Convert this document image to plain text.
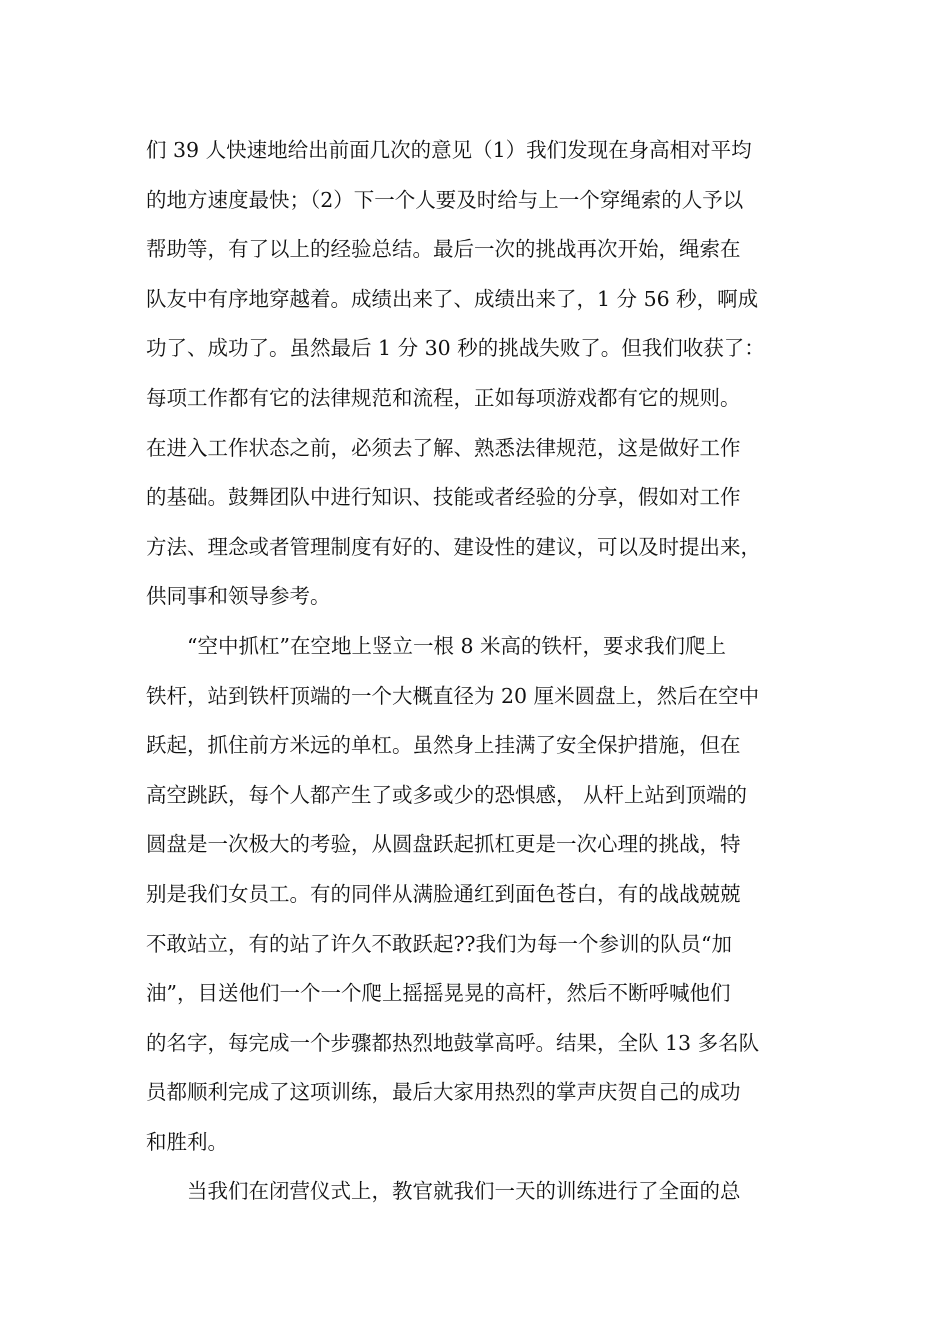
们 39 人快速地给出前面几次的意见（1）我们发现在身高相对平均
的地方速度最快；（2）下一个人要及时给与上一个穿绳索的人予以
帮助等，有了以上的经验总结。最后一次的挑战再次开始，绳索在
队友中有序地穿越着。成绩出来了、成绩出来了，1 分 56 秒，啊成
功了、成功了。虽然最后 1 分 30 秒的挑战失败了。但我们收获了：
每项工作都有它的法律规范和流程，正如每项游戏都有它的规则。
在进入工作状态之前，必须去了解、熟悉法律规范，这是做好工作
的基础。鼓舞团队中进行知识、技能或者经验的分享，假如对工作
方法、理念或者管理制度有好的、建设性的建议，可以及时提出来，
供同事和领导参考。
“空中抓杠”在空地上竖立一根 8 米高的铁杆，要求我们爬上
铁杆，站到铁杆顶端的一个大概直径为 20 厘米圆盘上，然后在空中
跃起，抓住前方米远的单杠。虽然身上挂满了安全保护措施，但在
高空跳跃，每个人都产生了或多或少的恐惧感， 从杆上站到顶端的
圆盘是一次极大的考验，从圆盘跃起抓杠更是一次心理的挑战，特
别是我们女员工。有的同伴从满脸通红到面色苍白，有的战战兢兢
不敢站立，有的站了许久不敢跃起??我们为每一个参训的队员“加
油”，目送他们一个一个爬上摇摇晃晃的高杆，然后不断呼喊他们
的名字，每完成一个步骤都热烈地鼓掌高呼。结果，全队 13 多名队
员都顺利完成了这项训练，最后大家用热烈的掌声庆贺自己的成功
和胜利。
当我们在闭营仪式上，教官就我们一天的训练进行了全面的总
